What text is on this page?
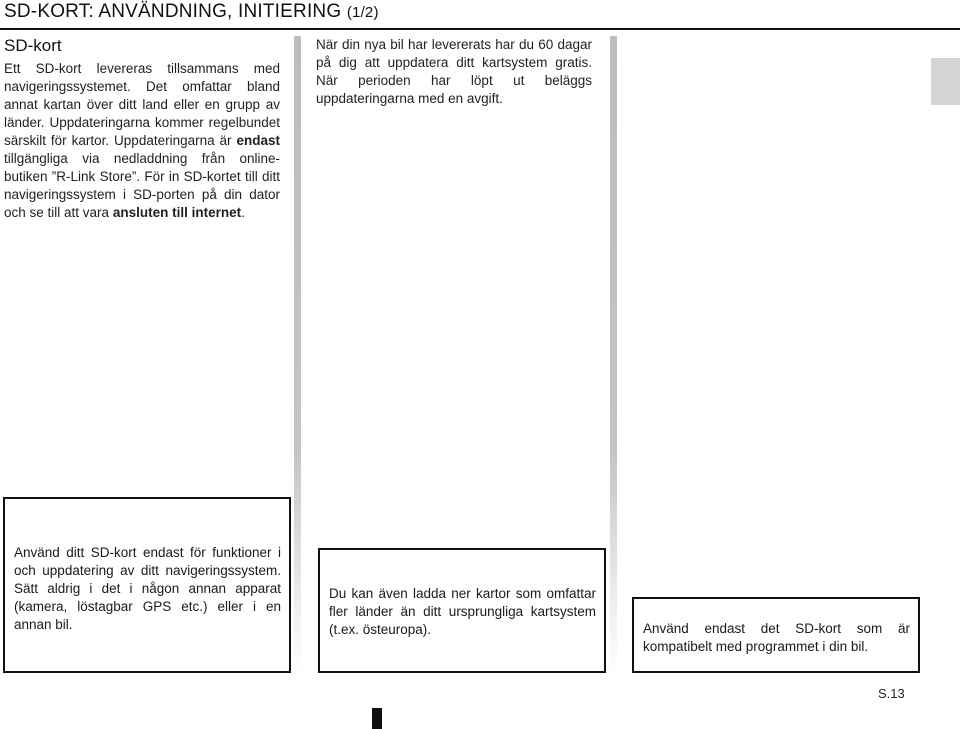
SD-KORT: ANVÄNDNING, INITIERING (1/2)
SD-kort
Ett SD-kort levereras tillsammans med navigeringssystemet. Det omfattar bland annat kartan över ditt land eller en grupp av länder. Uppdateringarna kommer regelbundet särskilt för kartor. Uppdateringarna är endast tillgängliga via nedladdning från online-butiken ”R-Link Store”. För in SD-kortet till ditt navigeringssystem i SD-porten på din dator och se till att vara ansluten till internet.
När din nya bil har levererats har du 60 dagar på dig att uppdatera ditt kartsystem gratis. När perioden har löpt ut beläggs uppdateringarna med en avgift.
Använd ditt SD-kort endast för funktioner i och uppdatering av ditt navigeringssystem. Sätt aldrig i det i någon annan apparat (kamera, löstagbar GPS etc.) eller i en annan bil.
Du kan även ladda ner kartor som omfattar fler länder än ditt ursprungliga kartsystem (t.ex. östeuropa).	Använd endast det SD-kort som är kompatibelt med programmet i din bil.
S.13
